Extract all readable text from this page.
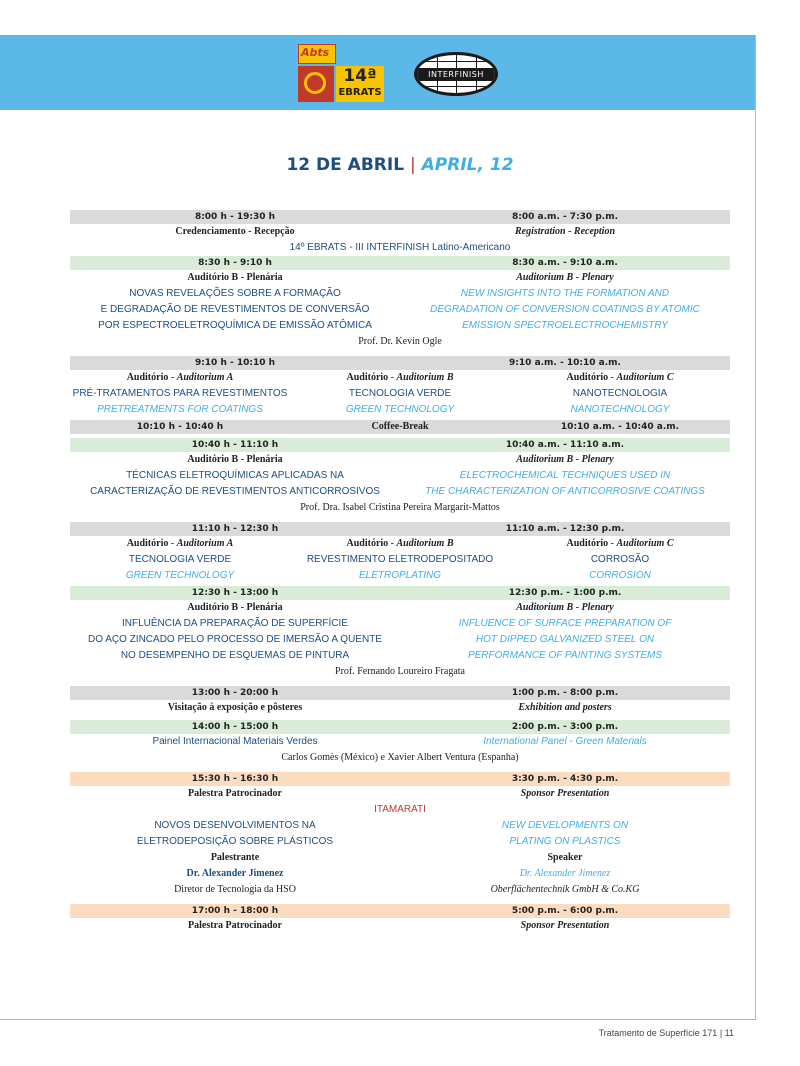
Abts
14ª
EBRATS
INTERFINISH
12 DE ABRIL | APRIL, 12
8:00 h - 19:30 h	8:00 a.m. - 7:30 p.m.
Credenciamento - Recepção	Registration - Reception
14º EBRATS - III INTERFINISH Latino-Americano
8:30 h - 9:10 h	8:30 a.m. - 9:10 a.m.
Auditório B - Plenária	Auditorium B - Plenary
NOVAS REVELAÇÕES SOBRE A FORMAÇÃO	NEW INSIGHTS INTO THE FORMATION AND
E DEGRADAÇÃO DE REVESTIMENTOS DE CONVERSÃO	DEGRADATION OF CONVERSION COATINGS BY ATOMIC
POR ESPECTROELETROQUÍMICA DE EMISSÃO ATÔMICA	EMISSION SPECTROELECTROCHEMISTRY
Prof. Dr. Kevin Ogle
9:10 h - 10:10 h	9:10 a.m. - 10:10 a.m.
Auditório - Auditorium A	Auditório - Auditorium B	Auditório - Auditorium C
PRÉ-TRATAMENTOS PARA REVESTIMENTOS	TECNOLOGIA VERDE	NANOTECNOLOGIA
PRETREATMENTS FOR COATINGS	GREEN TECHNOLOGY	NANOTECHNOLOGY
10:10 h - 10:40 h	Coffee-Break	10:10 a.m. - 10:40 a.m.
10:40 h - 11:10 h	10:40 a.m. - 11:10 a.m.
Auditório B - Plenária	Auditorium B - Plenary
TÉCNICAS ELETROQUÍMICAS APLICADAS NA	ELECTROCHEMICAL TECHNIQUES USED IN
CARACTERIZAÇÃO DE REVESTIMENTOS ANTICORROSIVOS	THE CHARACTERIZATION OF ANTICORROSIVE COATINGS
Prof. Dra. Isabel Cristina Pereira Margarit-Mattos
11:10 h - 12:30 h	11:10 a.m. - 12:30 p.m.
Auditório - Auditorium A	Auditório - Auditorium B	Auditório - Auditorium C
TECNOLOGIA VERDE	REVESTIMENTO ELETRODEPOSITADO	CORROSÃO
GREEN TECHNOLOGY	ELETROPLATING	CORROSION
12:30 h - 13:00 h	12:30 p.m. - 1:00 p.m.
Auditório B - Plenária	Auditorium B - Plenary
INFLUÊNCIA DA PREPARAÇÃO DE SUPERFÍCIE	INFLUENCE OF SURFACE PREPARATION OF
DO AÇO ZINCADO PELO PROCESSO DE IMERSÃO A QUENTE	HOT DIPPED GALVANIZED STEEL ON
NO DESEMPENHO DE ESQUEMAS DE PINTURA	PERFORMANCE OF PAINTING SYSTEMS
Prof. Fernando Loureiro Fragata
13:00 h - 20:00 h	1:00 p.m. - 8:00 p.m.
Visitação à exposição e pôsteres	Exhibition and posters
14:00 h - 15:00 h	2:00 p.m. - 3:00 p.m.
Painel Internacional Materiais Verdes	International Panel - Green Materials
Carlos Gomès (México) e Xavier Albert Ventura (Espanha)
15:30 h - 16:30 h	3:30 p.m. - 4:30 p.m.
Palestra Patrocinador	Sponsor Presentation
ITAMARATI
NOVOS DESENVOLVIMENTOS NA	NEW DEVELOPMENTS ON
ELETRODEPOSIÇÃO SOBRE PLÁSTICOS	PLATING ON PLASTICS
Palestrante	Speaker
Dr. Alexander Jimenez	Dr. Alexander Jimenez
Diretor de Tecnologia da HSO	Oberflächentechnik GmbH & Co.KG
17:00 h - 18:00 h	5:00 p.m. - 6:00 p.m.
Palestra Patrocinador	Sponsor Presentation
Tratamento de Superfície 171 | 11
